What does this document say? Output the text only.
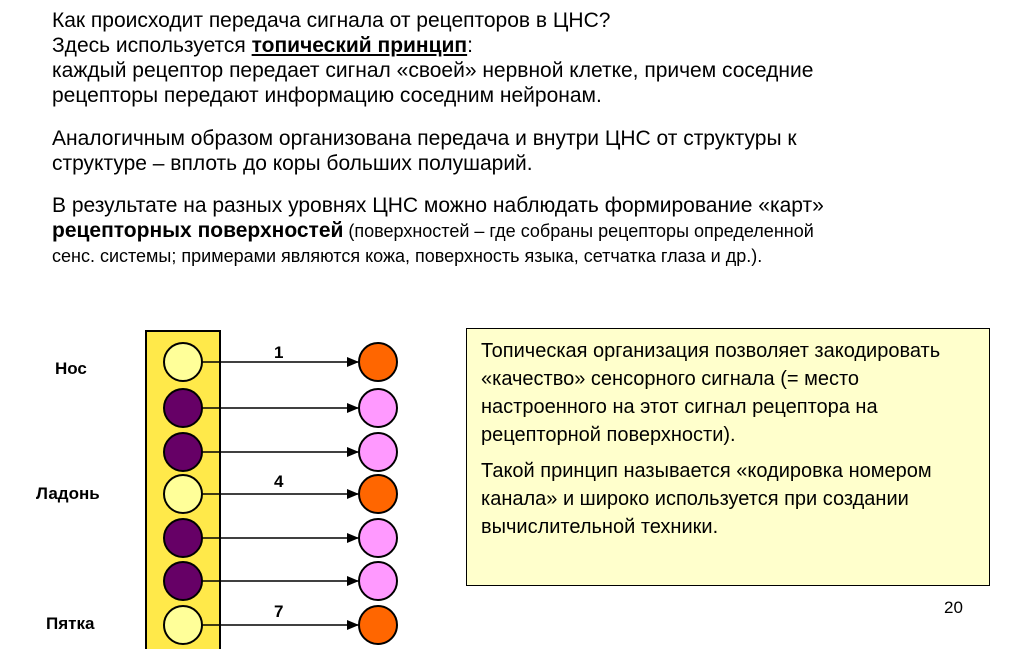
Как происходит передача сигнала от рецепторов в ЦНС?
Здесь используется топический принцип:
каждый рецептор передает сигнал «своей» нервной клетке, причем соседние
рецепторы передают информацию соседним нейронам.
Аналогичным образом организована передача и внутри ЦНС от структуры к
структуре – вплоть до коры больших полушарий.
В результате на разных уровнях ЦНС можно наблюдать формирование «карт»
рецепторных поверхностей (поверхностей – где собраны рецепторы определенной
сенс. системы; примерами являются кожа, поверхность языка, сетчатка глаза и др.).
1
4
7
Нос
Ладонь
Пятка

Топическая организация позволяет закодировать «качество» сенсорного сигнала (= место настроенного на этот сигнал рецептора на рецепторной поверхности).

Такой принцип называется «кодировка номером канала» и широко используется при создании вычислительной техники.

20
